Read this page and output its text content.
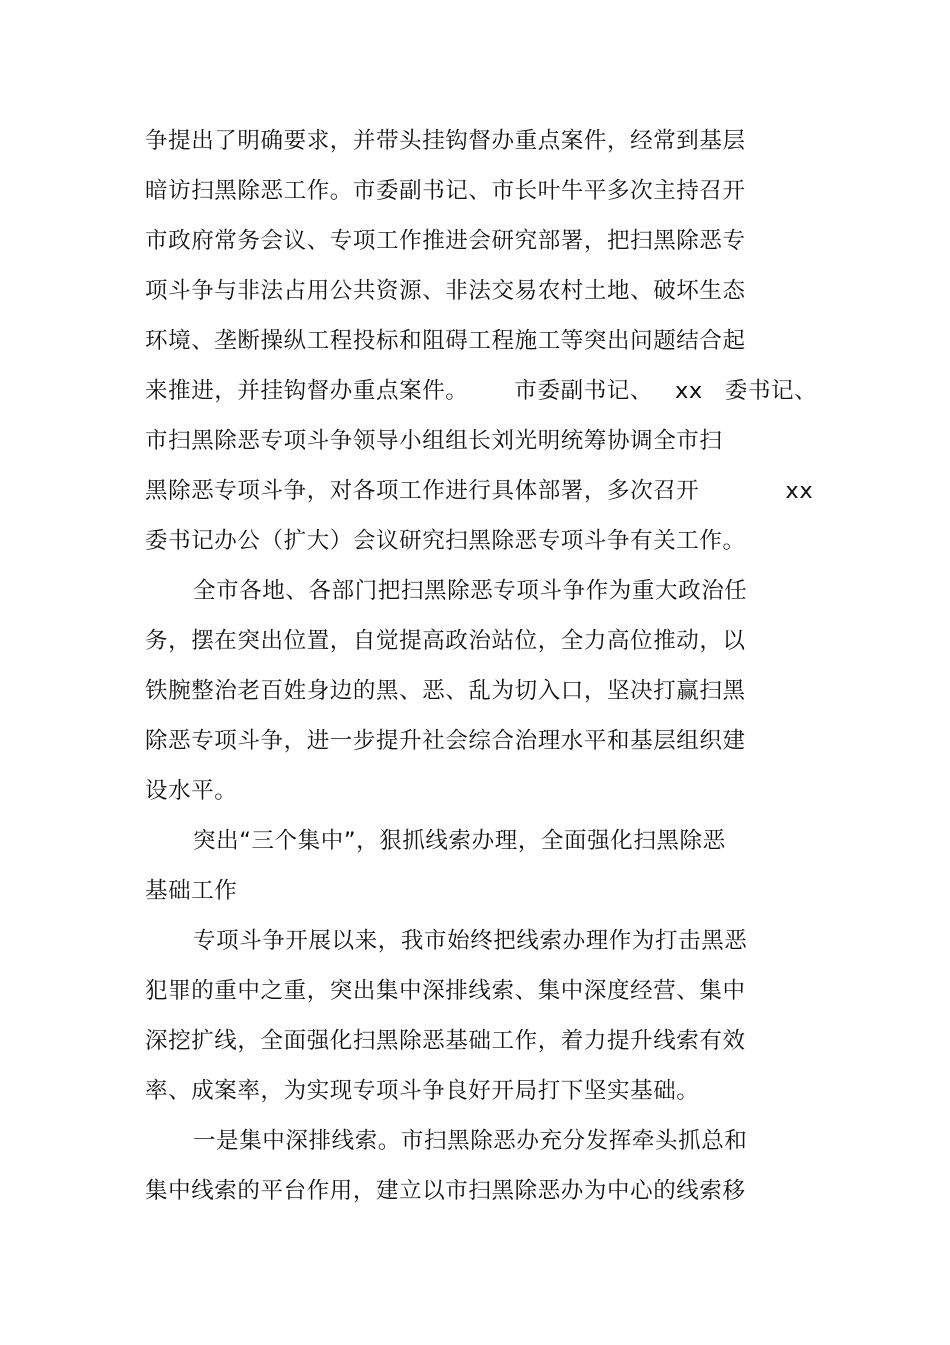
争提出了明确要求，并带头挂钩督办重点案件，经常到基层
暗访扫黑除恶工作。市委副书记、市长叶牛平多次主持召开
市政府常务会议、专项工作推进会研究部署，把扫黑除恶专
项斗争与非法占用公共资源、非法交易农村土地、破坏生态
环境、垄断操纵工程投标和阻碍工程施工等突出问题结合起
来推进，并挂钩督办重点案件。 市委副书记、 xx 委书记、
市扫黑除恶专项斗争领导小组组长刘光明统筹协调全市扫
黑除恶专项斗争，对各项工作进行具体部署，多次召开	xx
委书记办公（扩大）会议研究扫黑除恶专项斗争有关工作。
全市各地、各部门把扫黑除恶专项斗争作为重大政治任
务，摆在突出位置，自觉提高政治站位，全力高位推动，以
铁腕整治老百姓身边的黑、恶、乱为切入口，坚决打赢扫黑
除恶专项斗争，进一步提升社会综合治理水平和基层组织建
设水平。
突出“三个集中”，狠抓线索办理，全面强化扫黑除恶
基础工作
专项斗争开展以来，我市始终把线索办理作为打击黑恶
犯罪的重中之重，突出集中深排线索、集中深度经营、集中
深挖扩线，全面强化扫黑除恶基础工作，着力提升线索有效
率、成案率，为实现专项斗争良好开局打下坚实基础。
一是集中深排线索。市扫黑除恶办充分发挥牵头抓总和
集中线索的平台作用，建立以市扫黑除恶办为中心的线索移
